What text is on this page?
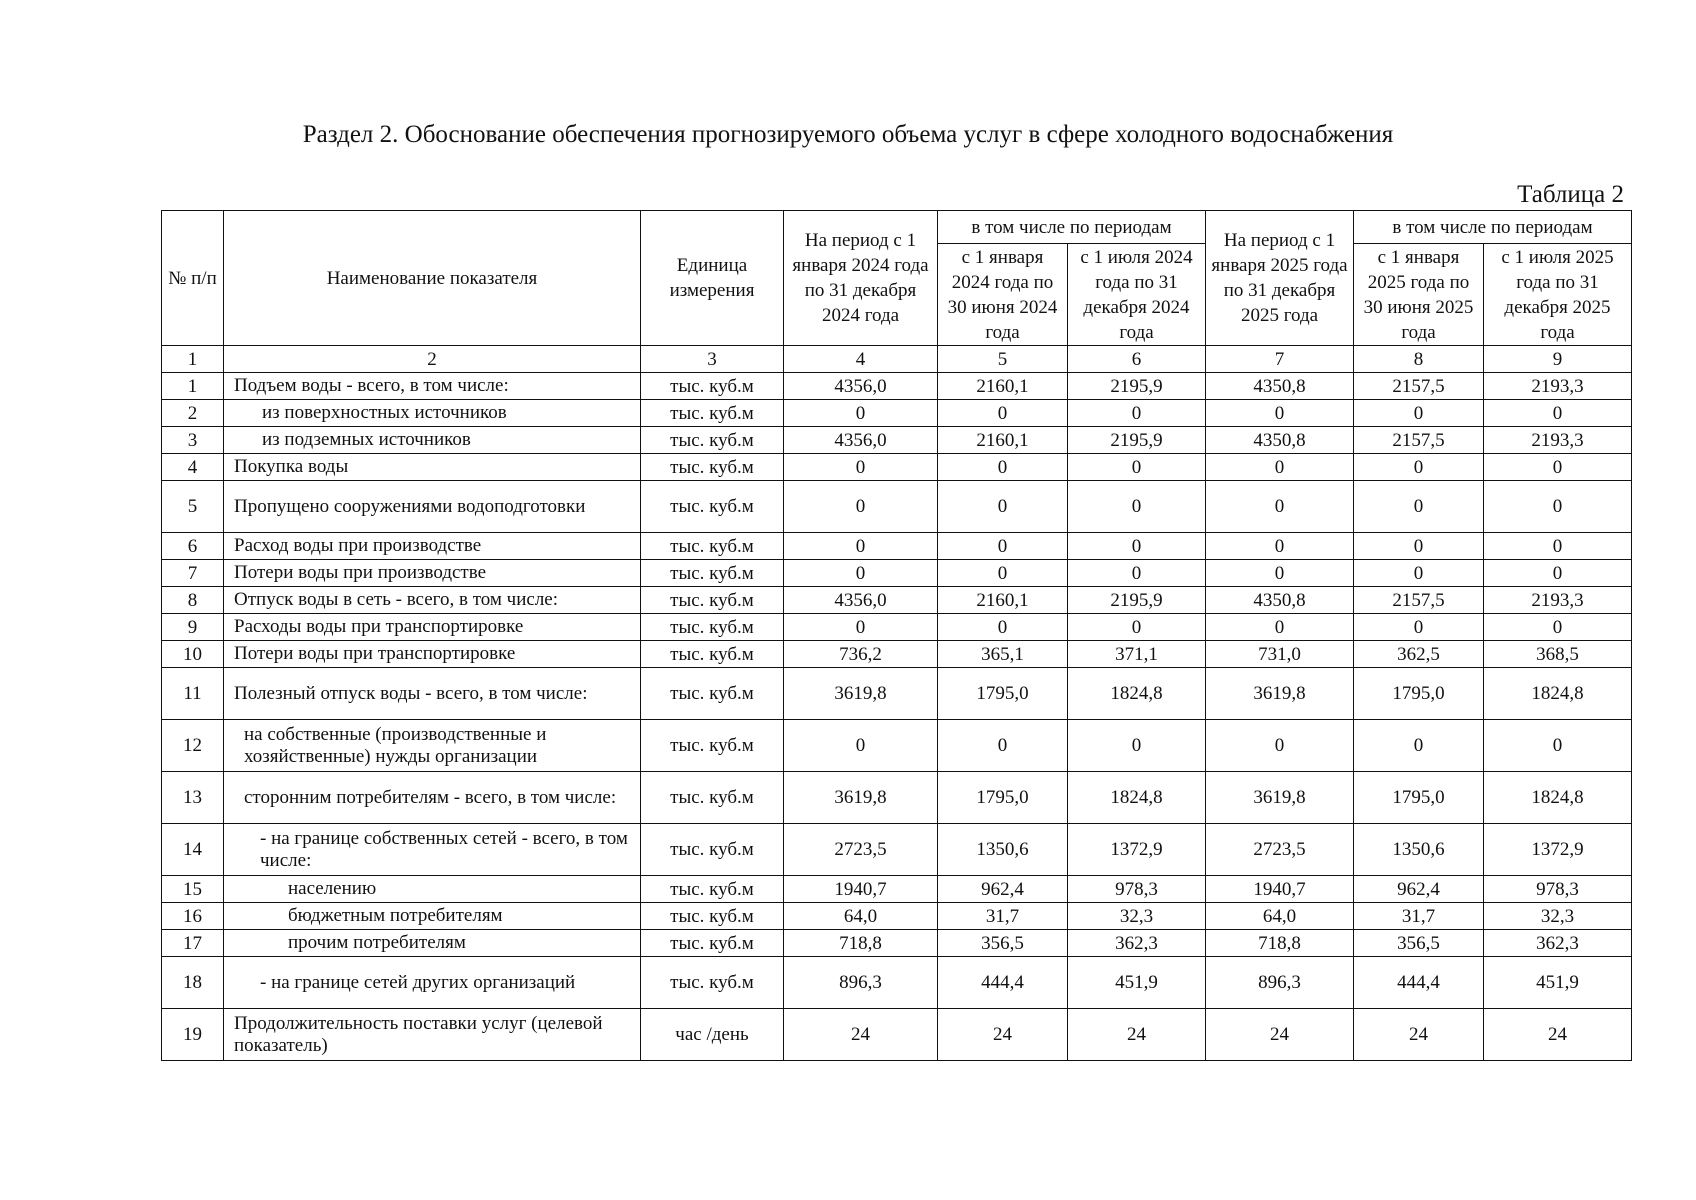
Раздел 2. Обоснование обеспечения прогнозируемого объема услуг в сфере холодного водоснабжения
Таблица 2
№ п/п	Наименование показателя	Единица измерения	На период с 1 января 2024 года по 31 декабря 2024 года	в том числе по периодам		На период с 1 января 2025 года по 31 декабря 2025 года	в том числе по периодам	
				с 1 января 2024 года по 30 июня 2024 года	с 1 июля 2024 года по 31 декабря 2024 года		с 1 января 2025 года по 30 июня 2025 года	с 1 июля 2025 года по 31 декабря 2025 года
1	2	3	4	5	6	7	8	9
1	Подъем воды - всего, в том числе:	тыс. куб.м	4356,0	2160,1	2195,9	4350,8	2157,5	2193,3
2	из поверхностных источников	тыс. куб.м	0	0	0	0	0	0
3	из подземных источников	тыс. куб.м	4356,0	2160,1	2195,9	4350,8	2157,5	2193,3
4	Покупка воды	тыс. куб.м	0	0	0	0	0	0
5	Пропущено сооружениями водоподготовки	тыс. куб.м	0	0	0	0	0	0
6	Расход воды при производстве	тыс. куб.м	0	0	0	0	0	0
7	Потери воды при производстве	тыс. куб.м	0	0	0	0	0	0
8	Отпуск воды в сеть - всего, в том числе:	тыс. куб.м	4356,0	2160,1	2195,9	4350,8	2157,5	2193,3
9	Расходы воды при транспортировке	тыс. куб.м	0	0	0	0	0	0
10	Потери воды при транспортировке	тыс. куб.м	736,2	365,1	371,1	731,0	362,5	368,5
11	Полезный отпуск воды - всего, в том числе:	тыс. куб.м	3619,8	1795,0	1824,8	3619,8	1795,0	1824,8
12	на собственные (производственные и хозяйственные) нужды организации	тыс. куб.м	0	0	0	0	0	0
13	сторонним потребителям - всего, в том числе:	тыс. куб.м	3619,8	1795,0	1824,8	3619,8	1795,0	1824,8
14	- на границе собственных сетей - всего, в том числе:	тыс. куб.м	2723,5	1350,6	1372,9	2723,5	1350,6	1372,9
15	населению	тыс. куб.м	1940,7	962,4	978,3	1940,7	962,4	978,3
16	бюджетным потребителям	тыс. куб.м	64,0	31,7	32,3	64,0	31,7	32,3
17	прочим потребителям	тыс. куб.м	718,8	356,5	362,3	718,8	356,5	362,3
18	- на границе сетей других организаций	тыс. куб.м	896,3	444,4	451,9	896,3	444,4	451,9
19	Продолжительность поставки услуг (целевой показатель)	час /день	24	24	24	24	24	24
